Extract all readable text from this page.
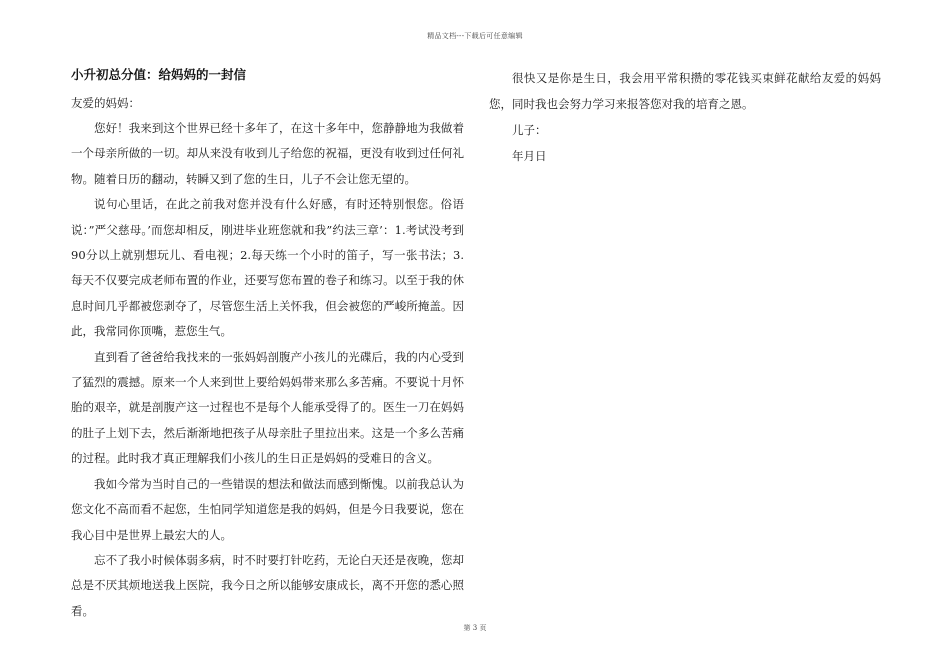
精品文档---下载后可任意编辑
小升初总分值：给妈妈的一封信

友爱的妈妈：

您好！我来到这个世界已经十多年了，在这十多年中，您静静地为我做着一个母亲所做的一切。却从来没有收到儿子给您的祝福，更没有收到过任何礼物。随着日历的翻动，转瞬又到了您的生日，儿子不会让您无望的。

说句心里话，在此之前我对您并没有什么好感，有时还特别恨您。俗语说：”严父慈母。’而您却相反，刚进毕业班您就和我”约法三章’：1.考试没考到90分以上就别想玩儿、看电视；2.每天练一个小时的笛子，写一张书法；3.每天不仅要完成老师布置的作业，还要写您布置的卷子和练习。以至于我的休息时间几乎都被您剥夺了，尽管您生活上关怀我，但会被您的严峻所掩盖。因此，我常同你顶嘴，惹您生气。

直到看了爸爸给我找来的一张妈妈剖腹产小孩儿的光碟后，我的内心受到了猛烈的震撼。原来一个人来到世上要给妈妈带来那么多苦痛。不要说十月怀胎的艰辛，就是剖腹产这一过程也不是每个人能承受得了的。医生一刀在妈妈的肚子上划下去，然后渐渐地把孩子从母亲肚子里拉出来。这是一个多么苦痛的过程。此时我才真正理解我们小孩儿的生日正是妈妈的受难日的含义。

我如今常为当时自己的一些错误的想法和做法而感到惭愧。以前我总认为您文化不高而看不起您，生怕同学知道您是我的妈妈，但是今日我要说，您在我心目中是世界上最宏大的人。

忘不了我小时候体弱多病，时不时要打针吃药，无论白天还是夜晚，您却总是不厌其烦地送我上医院，我今日之所以能够安康成长，离不开您的悉心照看。

很快又是你是生日，我会用平常积攒的零花钱买束鲜花献给友爱的妈妈您，同时我也会努力学习来报答您对我的培育之恩。

儿子：

年月日

第 3 页
